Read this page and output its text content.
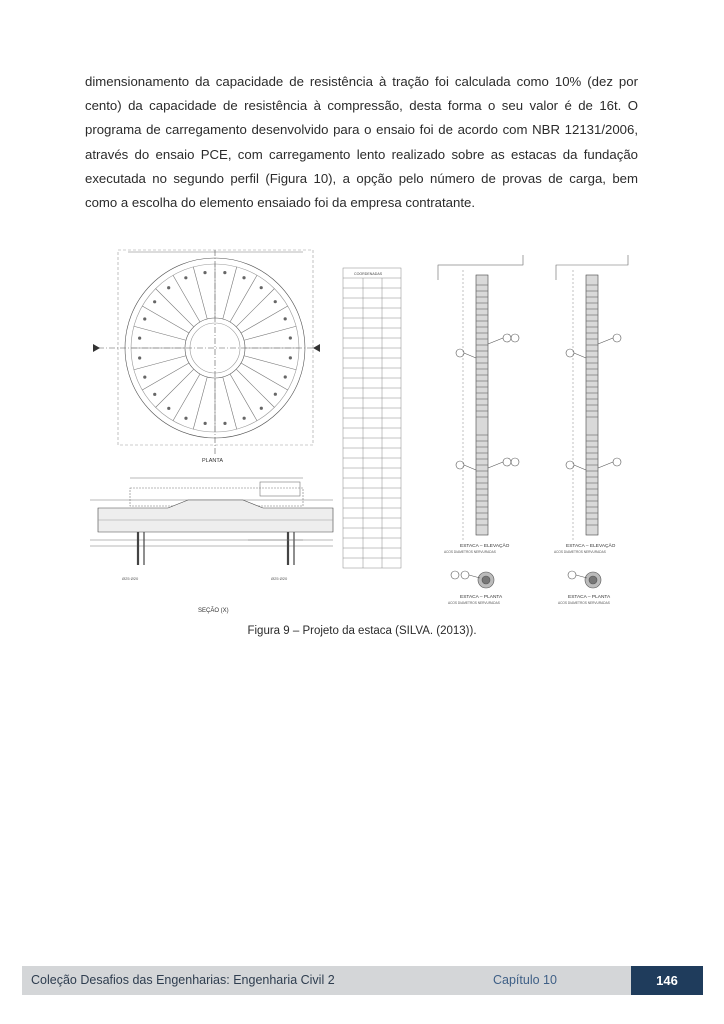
dimensionamento da capacidade de resistência à tração foi calculada como 10% (dez por
cento) da capacidade de resistência à compressão, desta forma o seu valor é de 16t. O
programa de carregamento desenvolvido para o ensaio foi de acordo com NBR 12131/2006,
através do ensaio PCE, com carregamento lento realizado sobre as estacas da fundação
executada no segundo perfil (Figura 10), a opção pelo número de provas de carga, bem
como a escolha do elemento ensaiado foi da empresa contratante.
PLANTA
Ø25 Ø20	Ø25 Ø20
SEÇÃO (X)
COORDENADAS
ESTACA – ELEVAÇÃO
ACOS DIAMETROS NERVURADAS
ESTACA – ELEVAÇÃO
ACOS DIAMETROS NERVURADAS
ESTACA – PLANTA
ACOS DIAMETROS NERVURADAS
ESTACA – PLANTA
ACOS DIAMETROS NERVURADAS
Figura 9 – Projeto da estaca (SILVA. (2013)).
Coleção Desafios das Engenharias: Engenharia Civil 2	Capítulo 10	146
